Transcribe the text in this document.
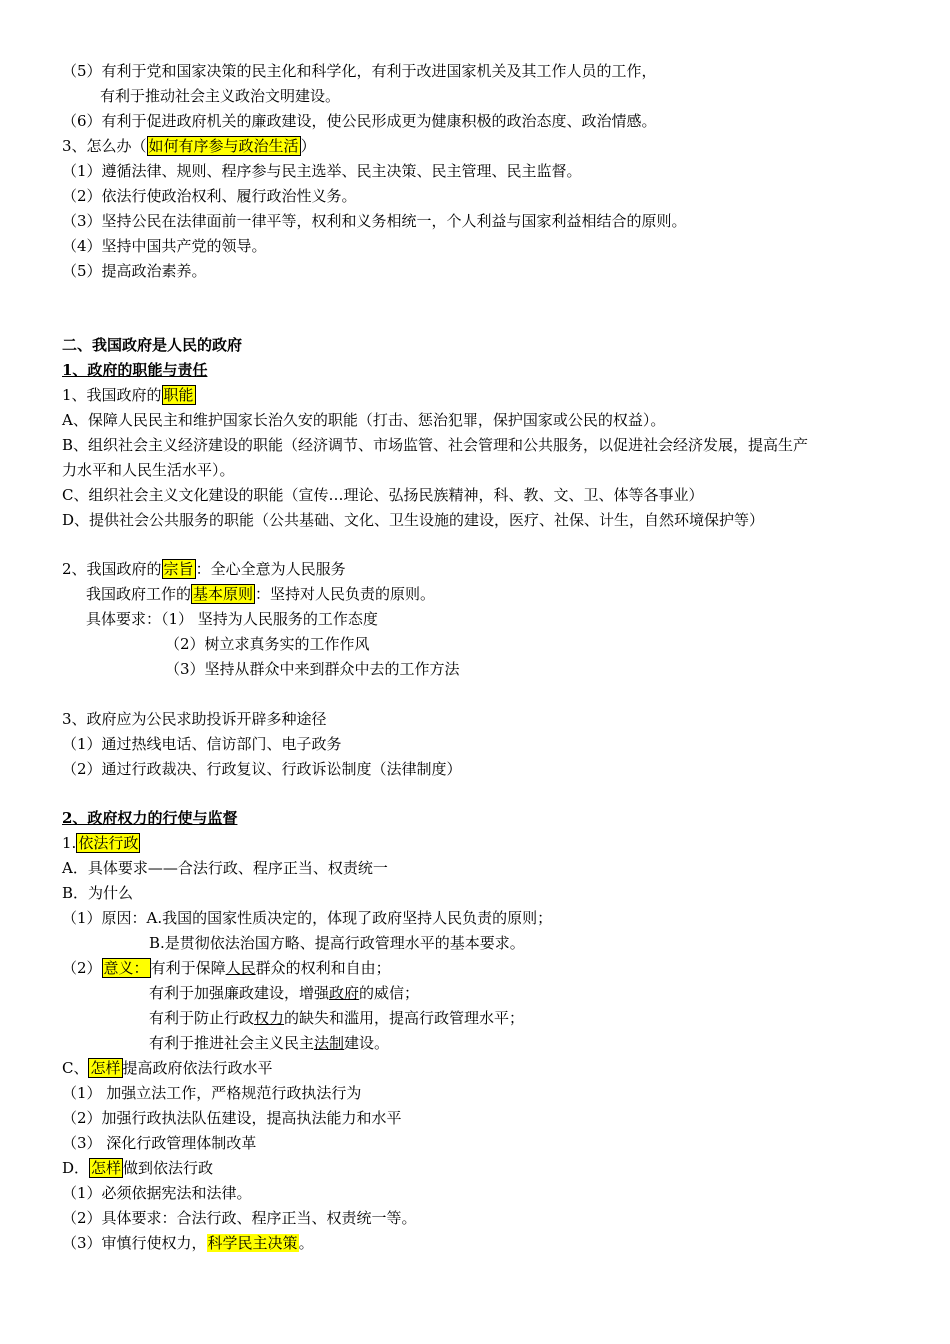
（5）有利于党和国家决策的民主化和科学化，有利于改进国家机关及其工作人员的工作，
有利于推动社会主义政治文明建设。
（6）有利于促进政府机关的廉政建设，使公民形成更为健康积极的政治态度、政治情感。
3、怎么办（ 如何有序参与政治生活 ）
（1）遵循法律、规则、程序参与民主选举、民主决策、民主管理、民主监督。
（2）依法行使政治权利、履行政治性义务。
（3）坚持公民在法律面前一律平等，权利和义务相统一，个人利益与国家利益相结合的原则。
（4）坚持中国共产党的领导。
（5）提高政治素养。
二、我国政府是人民的政府
1、政府的职能与责任
1、我国政府的 职能
A、保障人民民主和维护国家长治久安的职能（打击、惩治犯罪，保护国家或公民的权益）。
B、组织社会主义经济建设的职能（经济调节、市场监管、社会管理和公共服务，以促进社会经济发展，提高生产
力水平和人民生活水平）。
C、组织社会主义文化建设的职能（宣传…理论、弘扬民族精神，科、教、文、卫、体等各事业）
D、提供社会公共服务的职能（公共基础、文化、卫生设施的建设，医疗、社保、计生，自然环境保护等）
2、我国政府的 宗旨 ：全心全意为人民服务
我国政府工作的 基本原则 ：坚持对人民负责的原则。
具体要求：（1） 坚持为人民服务的工作态度
（2）树立求真务实的工作作风
（3）坚持从群众中来到群众中去的工作方法
3、政府应为公民求助投诉开辟多种途径
（1）通过热线电话、信访部门、电子政务
（2）通过行政裁决、行政复议、行政诉讼制度（法律制度）
2、政府权力的行使与监督
1. 依法行政
A．具体要求——合法行政、程序正当、权责统一
B．为什么
（1）原因：A.我国的国家性质决定的，体现了政府坚持人民负责的原则；
B.是贯彻依法治国方略、提高行政管理水平的基本要求。
（2） 意义： 有利于保障人民群众的权利和自由；
有利于加强廉政建设，增强政府的威信；
有利于防止行政权力的缺失和滥用，提高行政管理水平；
有利于推进社会主义民主法制建设。
C、 怎样 提高政府依法行政水平
（1） 加强立法工作，严格规范行政执法行为
（2）加强行政执法队伍建设，提高执法能力和水平
（3） 深化行政管理体制改革
D． 怎样 做到依法行政
（1）必须依据宪法和法律。
（2）具体要求：合法行政、程序正当、权责统一等。
（3）审慎行使权力，科学民主决策。
